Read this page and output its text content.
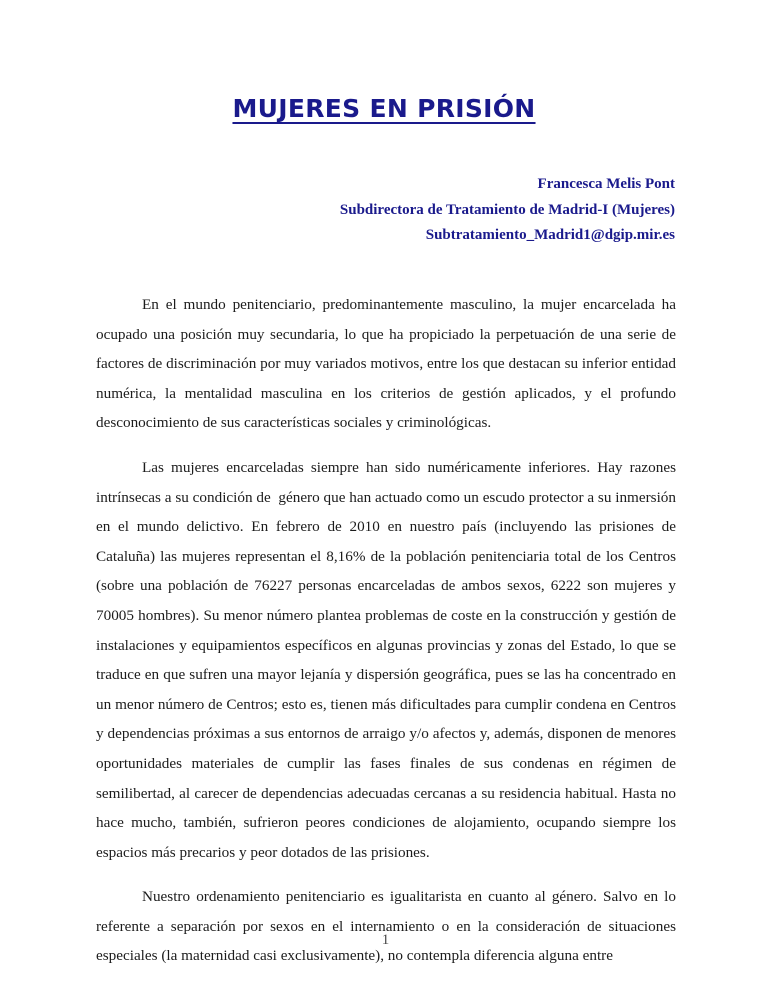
MUJERES EN PRISIÓN
Francesca Melis Pont
Subdirectora de Tratamiento de Madrid-I (Mujeres)
Subtratamiento_Madrid1@dgip.mir.es

En el mundo penitenciario, predominantemente masculino, la mujer encarcelada ha ocupado una posición muy secundaria, lo que ha propiciado la perpetuación de una serie de  factores de discriminación por muy variados motivos, entre los que destacan su inferior entidad numérica, la mentalidad masculina en los criterios de gestión aplicados, y el profundo desconocimiento de sus características sociales y criminológicas.

Las mujeres encarceladas siempre han sido numéricamente inferiores. Hay razones intrínsecas a su condición de  género que han actuado como un escudo protector a su inmersión en el mundo delictivo. En febrero de 2010 en nuestro país (incluyendo las prisiones de Cataluña) las mujeres representan el 8,16% de la población penitenciaria total de los Centros (sobre una población de 76227 personas encarceladas de ambos sexos, 6222 son mujeres y 70005 hombres). Su menor número plantea problemas de coste en la construcción y gestión de instalaciones y equipamientos específicos en algunas provincias y zonas del Estado, lo que se traduce en que sufren una mayor lejanía y dispersión geográfica, pues se las ha concentrado en un menor número de Centros; esto es, tienen más dificultades para cumplir condena en Centros y dependencias próximas a sus entornos de arraigo y/o afectos y, además, disponen de menores oportunidades materiales de cumplir las fases finales de sus condenas en régimen de semilibertad, al carecer de dependencias adecuadas cercanas a su residencia habitual. Hasta no hace mucho, también, sufrieron peores condiciones de alojamiento, ocupando siempre los espacios más precarios y peor dotados de las prisiones.

Nuestro ordenamiento penitenciario es igualitarista en cuanto al género. Salvo en lo referente a separación por sexos en el internamiento o en la consideración de situaciones especiales (la maternidad casi exclusivamente), no contempla diferencia alguna entre

1
